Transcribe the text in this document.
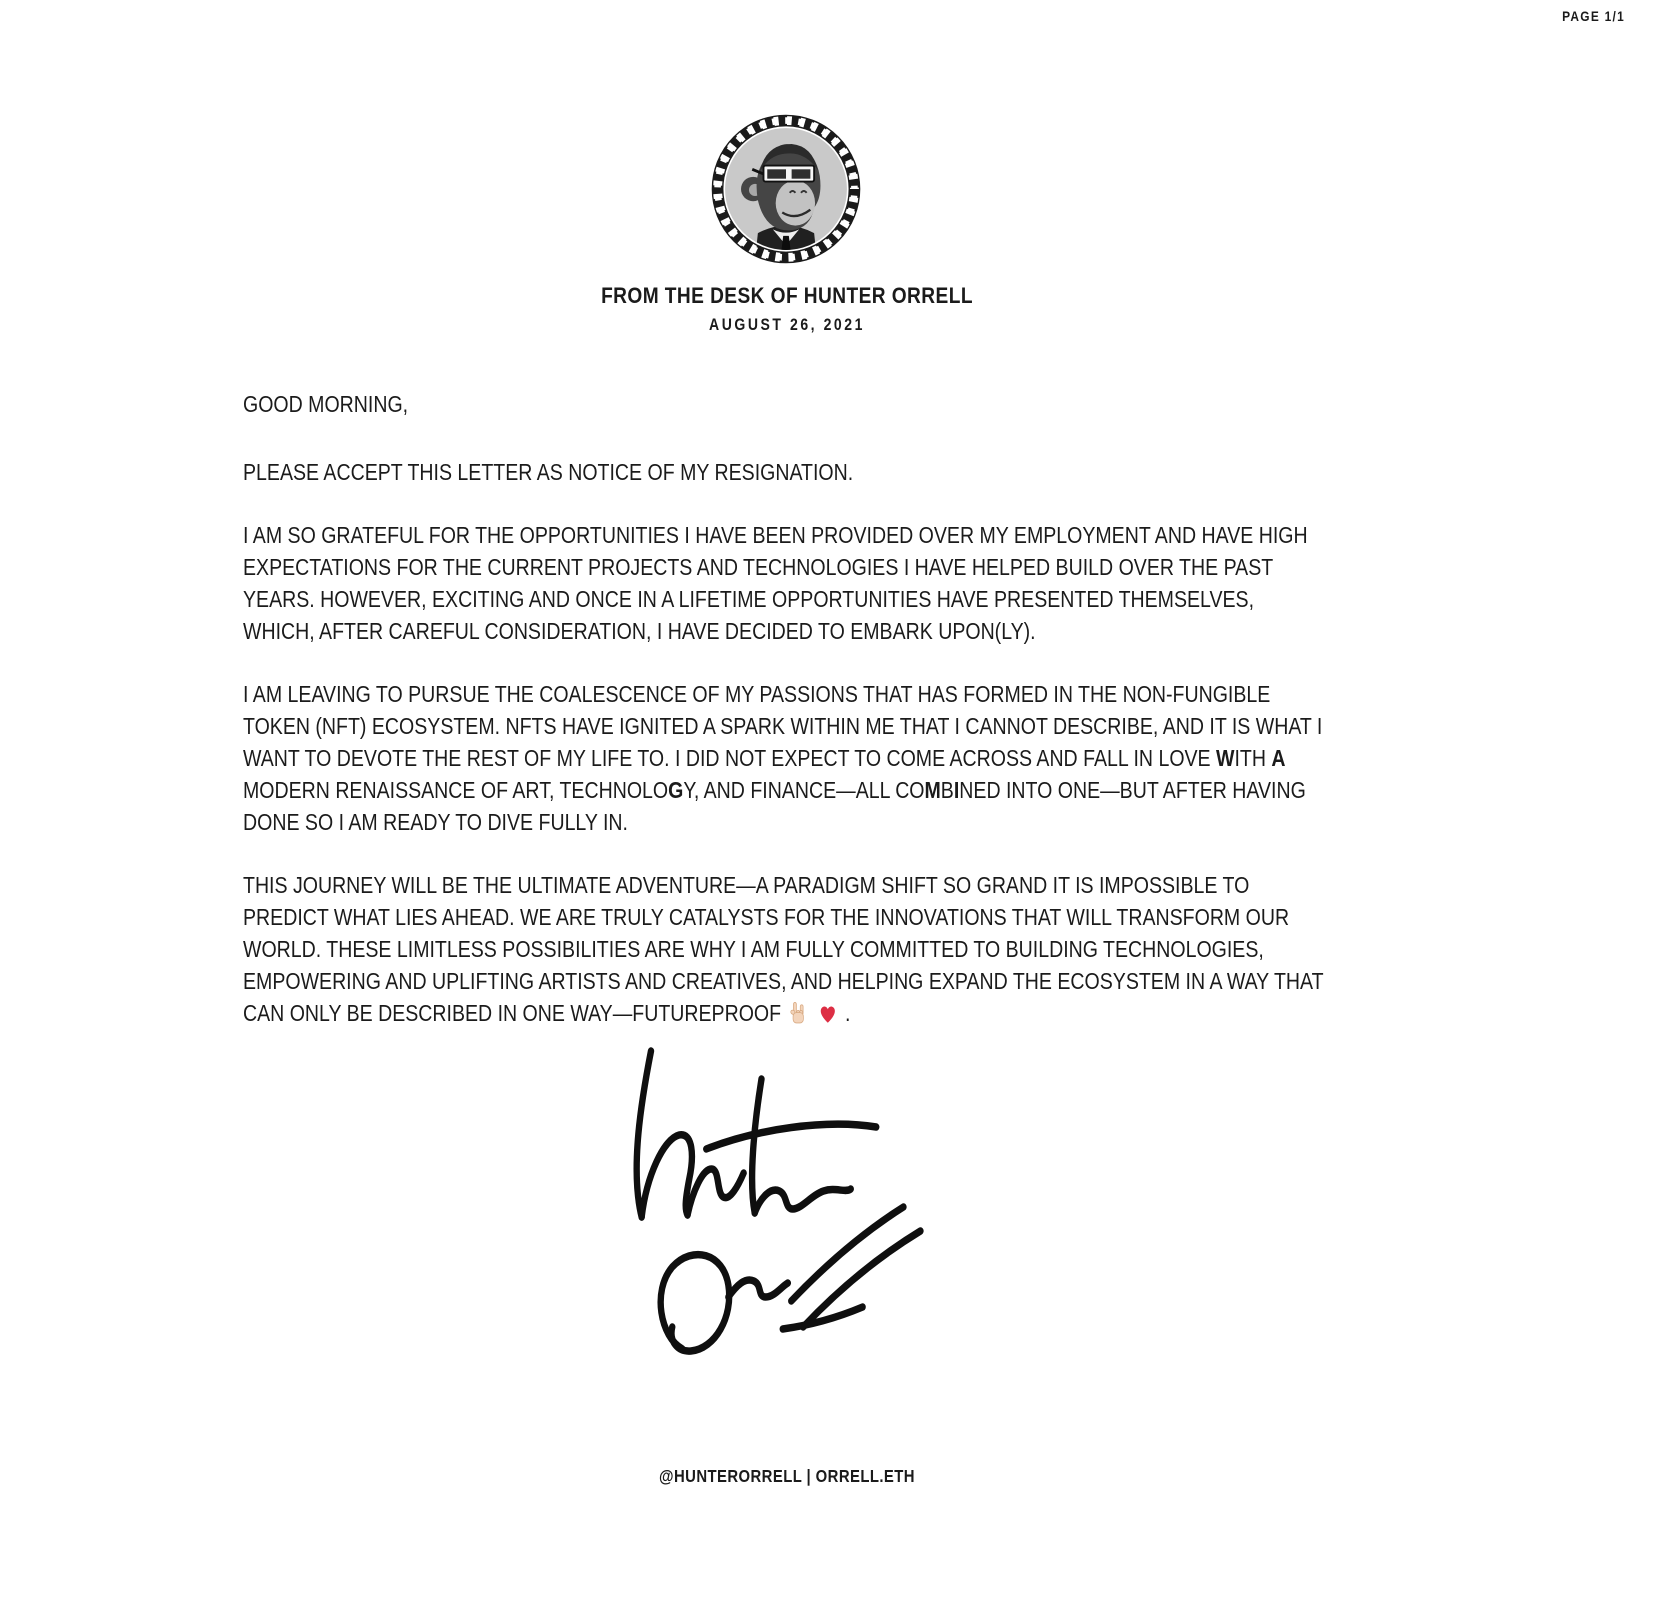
PAGE 1/1
FROM THE DESK OF HUNTER ORRELL
AUGUST 26, 2021
GOOD MORNING,

PLEASE ACCEPT THIS LETTER AS NOTICE OF MY RESIGNATION.

I AM SO GRATEFUL FOR THE OPPORTUNITIES I HAVE BEEN PROVIDED OVER MY EMPLOYMENT AND HAVE HIGH EXPECTATIONS FOR THE CURRENT PROJECTS AND TECHNOLOGIES I HAVE HELPED BUILD OVER THE PAST YEARS. HOWEVER, EXCITING AND ONCE IN A LIFETIME OPPORTUNITIES HAVE PRESENTED THEMSELVES, WHICH, AFTER CAREFUL CONSIDERATION, I HAVE DECIDED TO EMBARK UPON(LY).

I AM LEAVING TO PURSUE THE COALESCENCE OF MY PASSIONS THAT HAS FORMED IN THE NON-FUNGIBLE TOKEN (NFT) ECOSYSTEM. NFTS HAVE IGNITED A SPARK WITHIN ME THAT I CANNOT DESCRIBE, AND IT IS WHAT I WANT TO DEVOTE THE REST OF MY LIFE TO. I DID NOT EXPECT TO COME ACROSS AND FALL IN LOVE WITH A MODERN RENAISSANCE OF ART, TECHNOLOGY, AND FINANCE—ALL COMBINED INTO ONE—BUT AFTER HAVING DONE SO I AM READY TO DIVE FULLY IN.

THIS JOURNEY WILL BE THE ULTIMATE ADVENTURE—A PARADIGM SHIFT SO GRAND IT IS IMPOSSIBLE TO PREDICT WHAT LIES AHEAD. WE ARE TRULY CATALYSTS FOR THE INNOVATIONS THAT WILL TRANSFORM OUR WORLD. THESE LIMITLESS POSSIBILITIES ARE WHY I AM FULLY COMMITTED TO BUILDING TECHNOLOGIES, EMPOWERING AND UPLIFTING ARTISTS AND CREATIVES, AND HELPING EXPAND THE ECOSYSTEM IN A WAY THAT CAN ONLY BE DESCRIBED IN ONE WAY—FUTUREPROOF	.

@HUNTERORRELL | ORRELL.ETH
